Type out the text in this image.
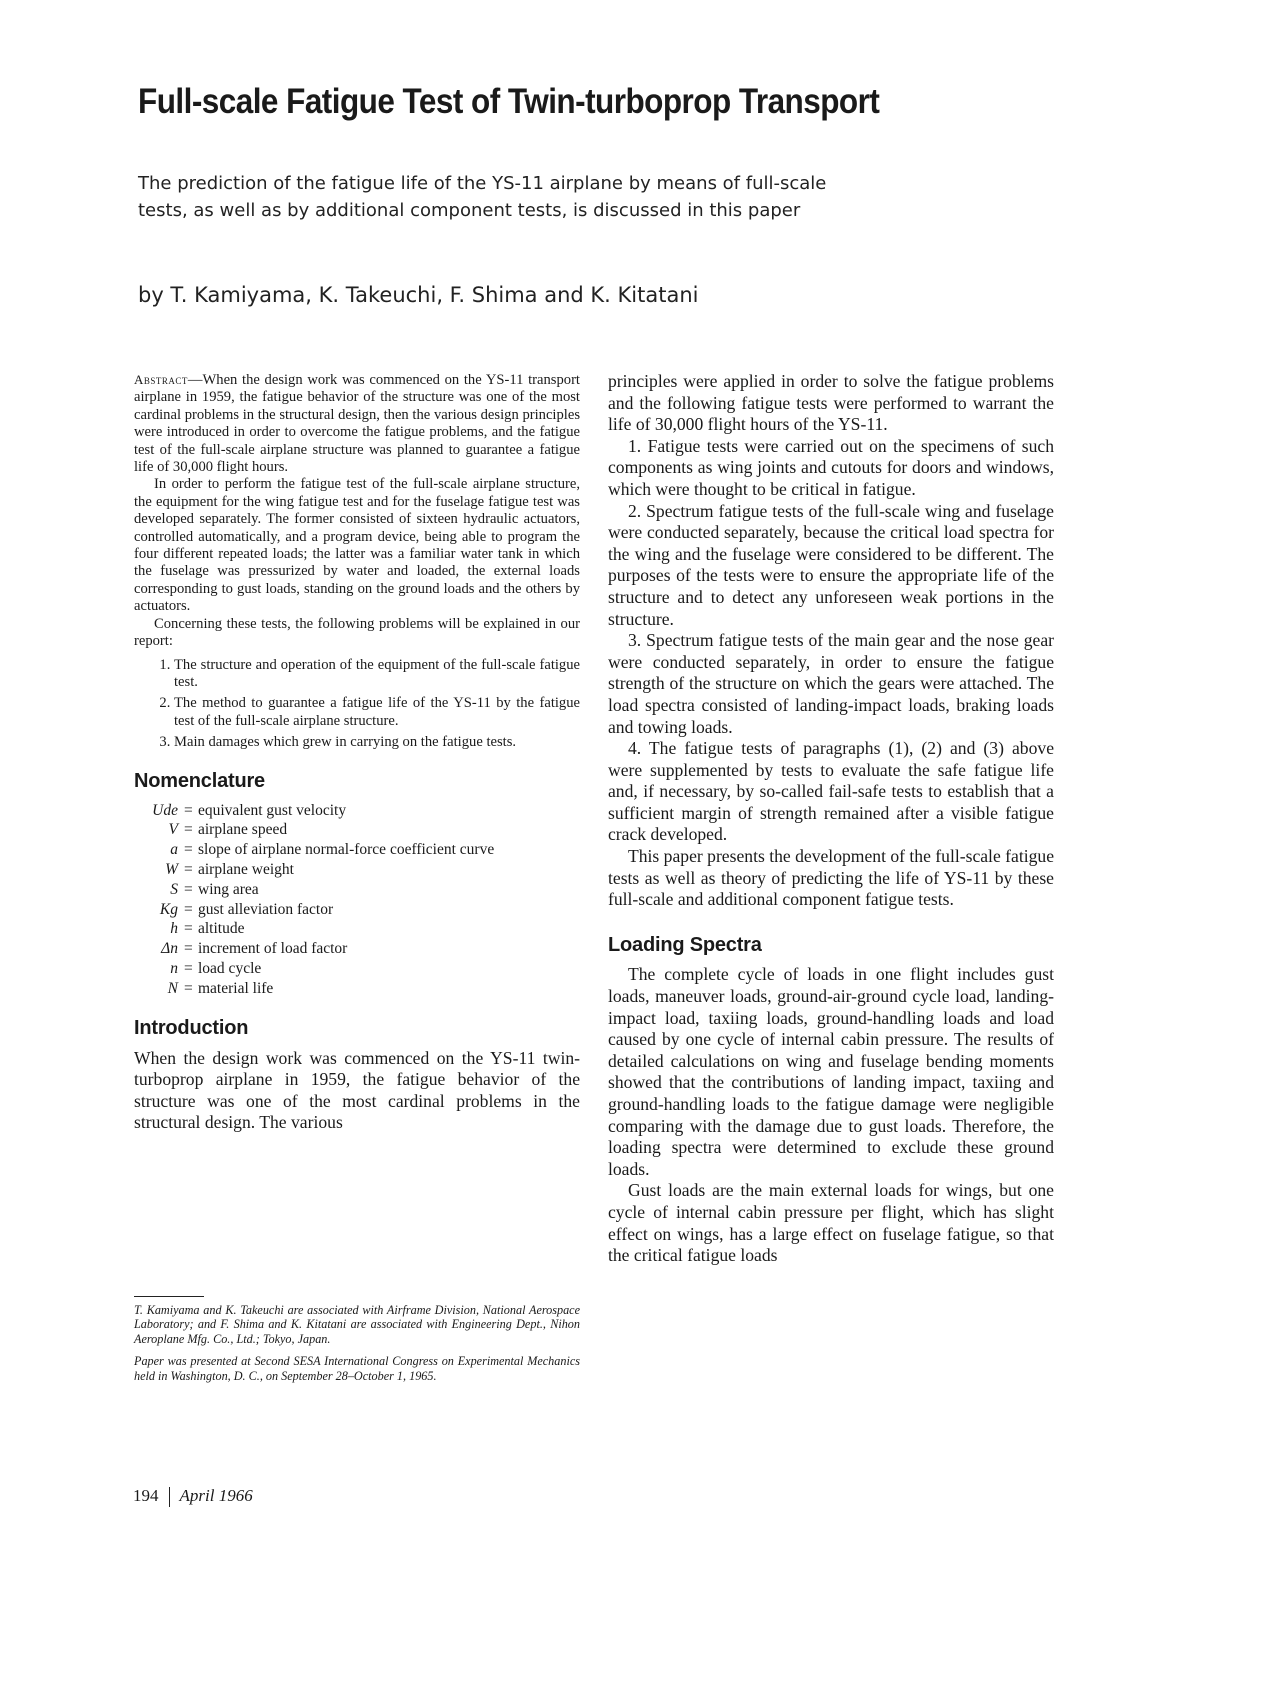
Full-scale Fatigue Test of Twin-turboprop Transport
The prediction of the fatigue life of the YS-11 airplane by means of full-scale tests, as well as by additional component tests, is discussed in this paper
by T. Kamiyama, K. Takeuchi, F. Shima and K. Kitatani

Abstract—When the design work was commenced on the YS-11 transport airplane in 1959, the fatigue behavior of the structure was one of the most cardinal problems in the structural design, then the various design principles were introduced in order to overcome the fatigue problems, and the fatigue test of the full-scale airplane structure was planned to guarantee a fatigue life of 30,000 flight hours.

In order to perform the fatigue test of the full-scale airplane structure, the equipment for the wing fatigue test and for the fuselage fatigue test was developed separately. The former consisted of sixteen hydraulic actuators, controlled automatically, and a program device, being able to program the four different repeated loads; the latter was a familiar water tank in which the fuselage was pressurized by water and loaded, the external loads corresponding to gust loads, standing on the ground loads and the others by actuators.

Concerning these tests, the following problems will be explained in our report:

1. The structure and operation of the equipment of the full-scale fatigue test.
2. The method to guarantee a fatigue life of the YS-11 by the fatigue test of the full-scale airplane structure.
3. Main damages which grew in carrying on the fatigue tests.
Nomenclature
Ude = equivalent gust velocity
V = airplane speed
a = slope of airplane normal-force coefficient curve
W = airplane weight
S = wing area
Kg = gust alleviation factor
h = altitude
Δn = increment of load factor
n = load cycle
N = material life
Introduction

When the design work was commenced on the YS-11 twin-turboprop airplane in 1959, the fatigue behavior of the structure was one of the most cardinal problems in the structural design. The various

T. Kamiyama and K. Takeuchi are associated with Airframe Division, National Aerospace Laboratory; and F. Shima and K. Kitatani are associated with Engineering Dept., Nihon Aeroplane Mfg. Co., Ltd.; Tokyo, Japan.

Paper was presented at Second SESA International Congress on Experimental Mechanics held in Washington, D. C., on September 28–October 1, 1965.

principles were applied in order to solve the fatigue problems and the following fatigue tests were performed to warrant the life of 30,000 flight hours of the YS-11.

1. Fatigue tests were carried out on the specimens of such components as wing joints and cutouts for doors and windows, which were thought to be critical in fatigue.

2. Spectrum fatigue tests of the full-scale wing and fuselage were conducted separately, because the critical load spectra for the wing and the fuselage were considered to be different. The purposes of the tests were to ensure the appropriate life of the structure and to detect any unforeseen weak portions in the structure.

3. Spectrum fatigue tests of the main gear and the nose gear were conducted separately, in order to ensure the fatigue strength of the structure on which the gears were attached. The load spectra consisted of landing-impact loads, braking loads and towing loads.

4. The fatigue tests of paragraphs (1), (2) and (3) above were supplemented by tests to evaluate the safe fatigue life and, if necessary, by so-called fail-safe tests to establish that a sufficient margin of strength remained after a visible fatigue crack developed.

This paper presents the development of the full-scale fatigue tests as well as theory of predicting the life of YS-11 by these full-scale and additional component fatigue tests.

Loading Spectra

The complete cycle of loads in one flight includes gust loads, maneuver loads, ground-air-ground cycle load, landing-impact load, taxiing loads, ground-handling loads and load caused by one cycle of internal cabin pressure. The results of detailed calculations on wing and fuselage bending moments showed that the contributions of landing impact, taxiing and ground-handling loads to the fatigue damage were negligible comparing with the damage due to gust loads. Therefore, the loading spectra were determined to exclude these ground loads.

Gust loads are the main external loads for wings, but one cycle of internal cabin pressure per flight, which has slight effect on wings, has a large effect on fuselage fatigue, so that the critical fatigue loads

194 April 1966
